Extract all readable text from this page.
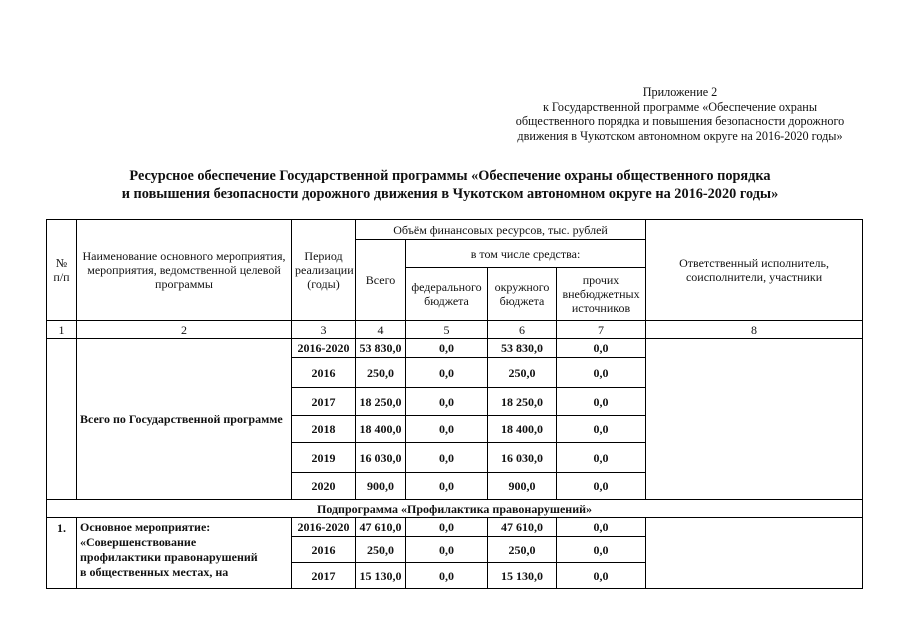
Приложение 2
к Государственной программе «Обеспечение охраны
общественного порядка и повышения безопасности дорожного
движения в Чукотском автономном округе на 2016-2020 годы»
Ресурсное обеспечение Государственной программы «Обеспечение охраны общественного порядка
и повышения безопасности дорожного движения в Чукотском автономном округе на 2016-2020 годы»
№ п/п	Наименование основного мероприятия, мероприятия, ведомственной целевой программы	Период реализации (годы)	Объём финансовых ресурсов, тыс. рублей				Ответственный исполнитель, соисполнители, участники
			Всего	в том числе средства:			
				федерального бюджета	окружного бюджета	прочих внебюджетных источников	
1	2	3	4	5	6	7	8
	Всего по Государственной программе	2016-2020	53 830,0	0,0	53 830,0	0,0	
		2016	250,0	0,0	250,0	0,0	
		2017	18 250,0	0,0	18 250,0	0,0	
		2018	18 400,0	0,0	18 400,0	0,0	
		2019	16 030,0	0,0	16 030,0	0,0	
		2020	900,0	0,0	900,0	0,0	
Подпрограмма «Профилактика правонарушений»							
1.	Основное мероприятие:
«Совершенствование
профилактики правонарушений
в общественных местах, на	2016-2020	47 610,0	0,0	47 610,0	0,0	
		2016	250,0	0,0	250,0	0,0	
		2017	15 130,0	0,0	15 130,0	0,0	
